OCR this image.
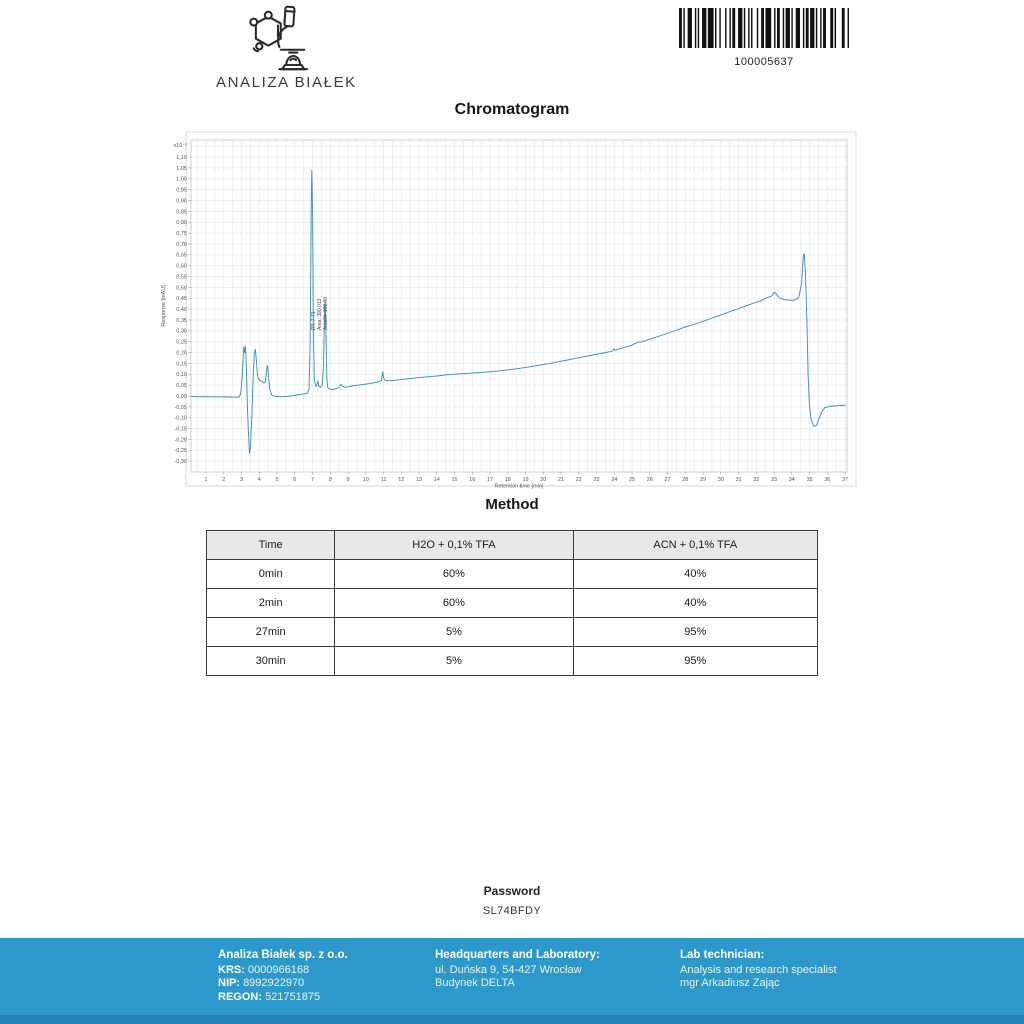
ANALIZA BIAŁEK
100005637
Chromatogram
1	2	3	4	5	6	7	8	9 10 11 12 13 14 15 16 17 18 19 20 21 22 23 24 25 26 27 28 29 30 31 32 33 34 35 36 37
-0,30
-0,25
-0,20
-0,15
-0,10
-0,05
0,00
0,05
0,10
0,15
0,20
0,25
0,30
0,35
0,40
0,45
0,50
0,55
0,60
0,65
0,70
0,75
0,80
0,85
0,90
0,95
1,00
1,05
1,10
x10⁻²
Retention time [min]
Response [mAU]	RT: 7.71 Area: 390,012 Area%: 100.00
Method
Time	H2O + 0,1% TFA	ACN + 0,1% TFA
0min	60%	40%
2min	60%	40%
27min	5%	95%
30min	5%	95%
Password
SL74BFDY
Analiza Białek sp. z o.o.
KRS: 0000966168
NIP: 8992922970
REGON: 521751875
Headquarters and Laboratory:
ul. Duńska 9, 54-427 Wrocław
Budynek DELTA
Lab technician:
Analysis and research specialist
mgr Arkadiusz Zając
